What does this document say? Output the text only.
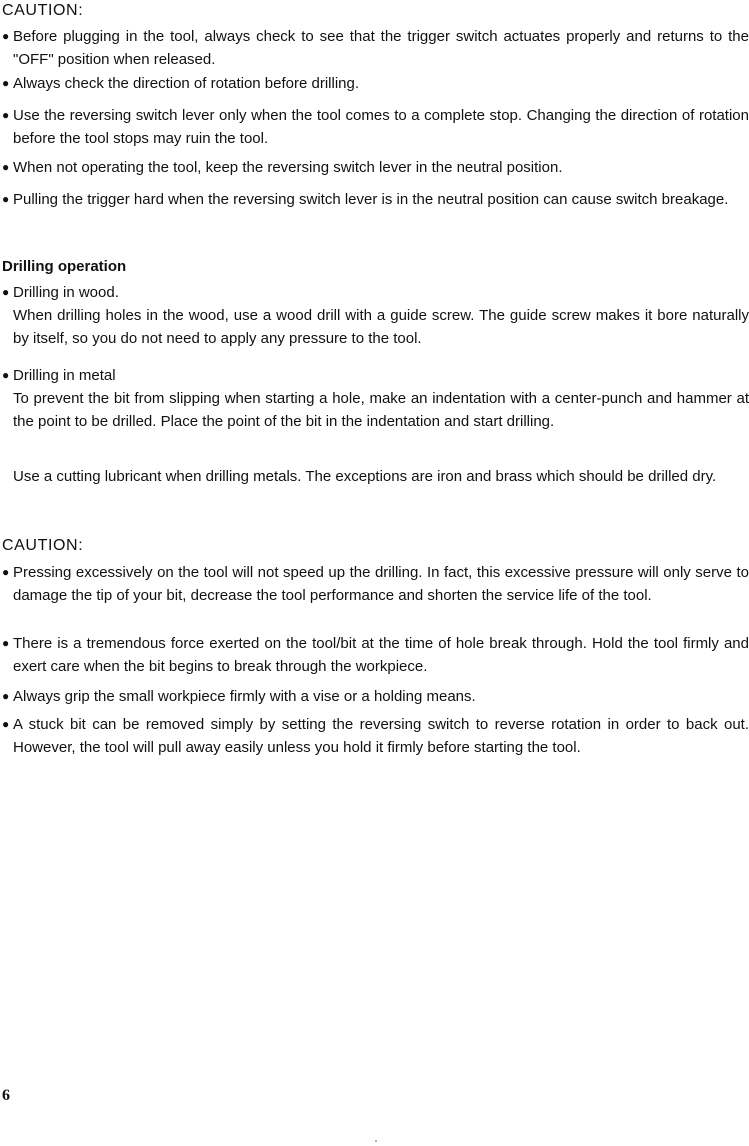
CAUTION:

● Before plugging in the tool, always check to see that the trigger switch actuates properly and returns to the "OFF" position when released.
● Always check the direction of rotation before drilling.
● Use the reversing switch lever only when the tool comes to a complete stop. Changing the direction of rotation before the tool stops may ruin the tool.
● When not operating the tool, keep the reversing switch lever in the neutral position.
● Pulling the trigger hard when the reversing switch lever is in the neutral position can cause switch breakage.

Drilling operation

● Drilling in wood.
When drilling holes in the wood, use a wood drill with a guide screw. The guide screw makes it bore naturally by itself, so you do not need to apply any pressure to the tool.
● Drilling in metal
To prevent the bit from slipping when starting a hole, make an indentation with a center-punch and hammer at the point to be drilled. Place the point of the bit in the indentation and start drilling.
Use a cutting lubricant when drilling metals. The exceptions are iron and brass which should be drilled dry.

CAUTION:

● Pressing excessively on the tool will not speed up the drilling. In fact, this excessive pressure will only serve to damage the tip of your bit, decrease the tool performance and shorten the service life of the tool.
● There is a tremendous force exerted on the tool/bit at the time of hole break through. Hold the tool firmly and exert care when the bit begins to break through the workpiece.
● Always grip the small workpiece firmly with a vise or a holding means.
● A stuck bit can be removed simply by setting the reversing switch to reverse rotation in order to back out. However, the tool will pull away easily unless you hold it firmly before starting the tool.
6
